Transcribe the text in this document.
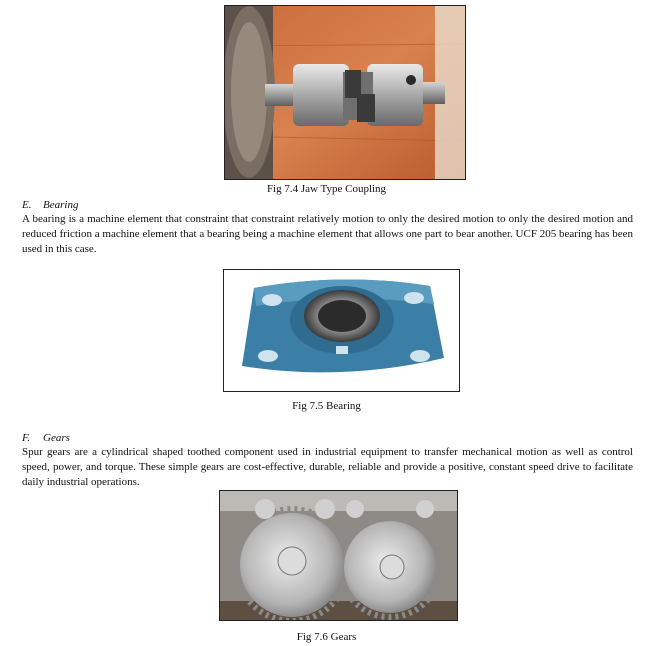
Fig 7.4 Jaw Type Coupling
E. Bearing
A bearing is a machine element that constraint that constraint relatively motion to only the desired motion to only the desired motion and reduced friction a machine element that a bearing being a machine element that allows one part to bear another. UCF 205 bearing has been used in this case.
Fig 7.5 Bearing
F. Gears
Spur gears are a cylindrical shaped toothed component used in industrial equipment to transfer mechanical motion as well as control speed, power, and torque. These simple gears are cost-effective, durable, reliable and provide a positive, constant speed drive to facilitate daily industrial operations.
Fig 7.6 Gears
